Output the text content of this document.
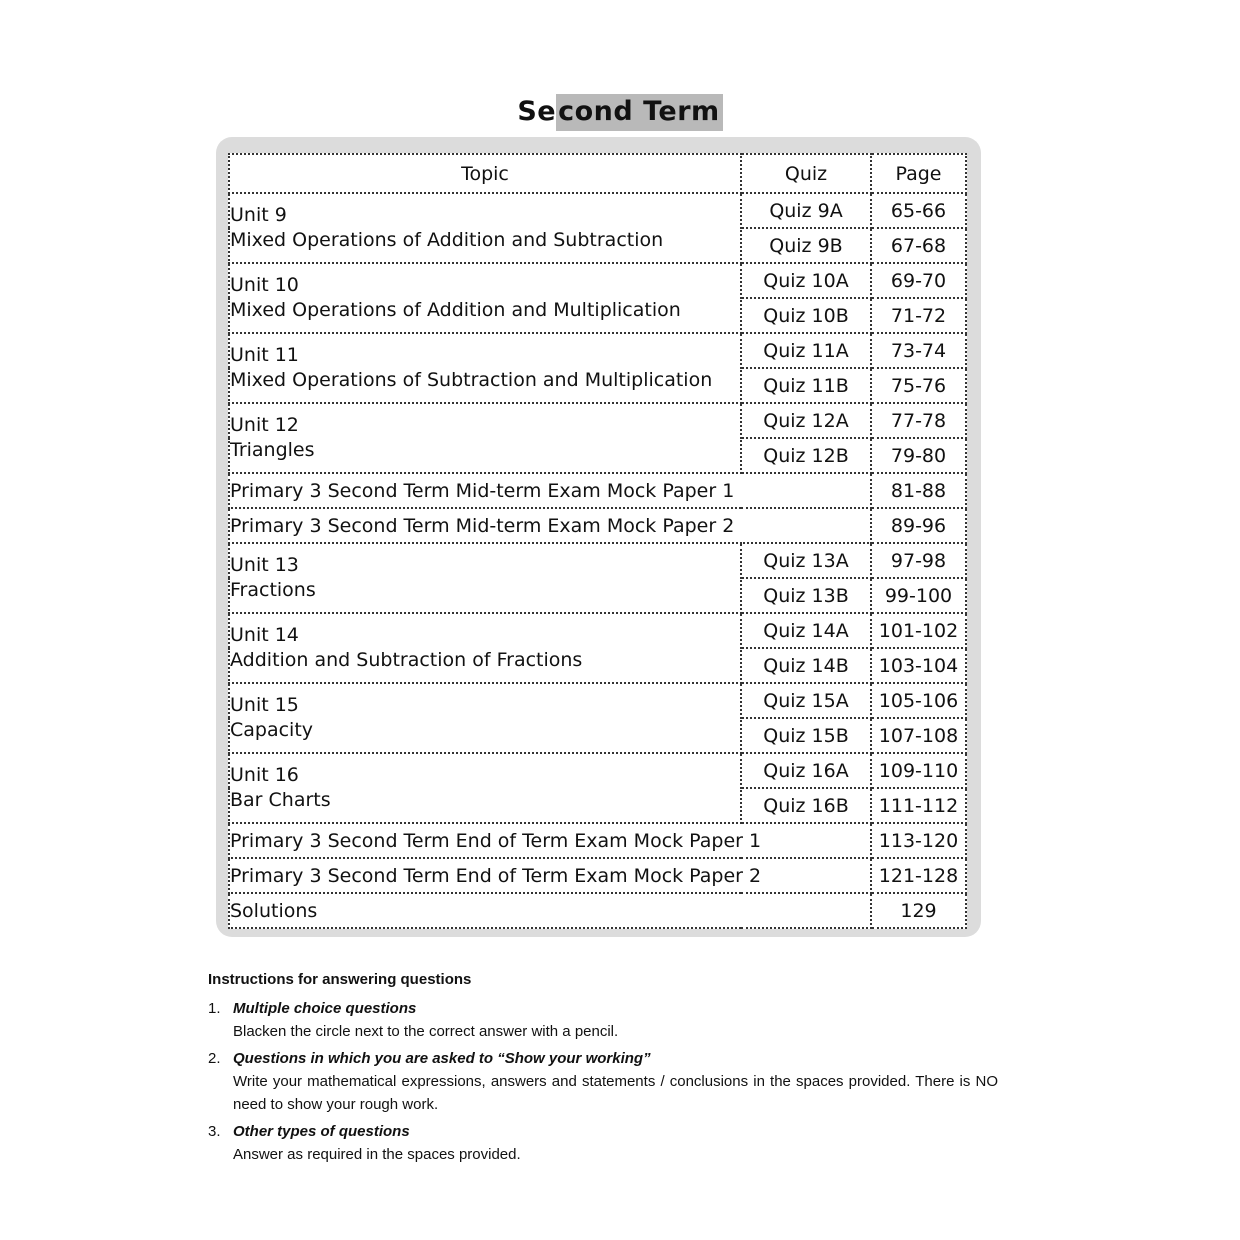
Second Term
Topic	Quiz	Page

Unit 9
Mixed Operations of Addition and Subtraction	Quiz 9A	65-66
	Quiz 9B	67-68

Unit 10
Mixed Operations of Addition and Multiplication	Quiz 10A	69-70
	Quiz 10B	71-72

Unit 11
Mixed Operations of Subtraction and Multiplication	Quiz 11A	73-74
	Quiz 11B	75-76

Unit 12
Triangles	Quiz 12A	77-78
	Quiz 12B	79-80
Primary 3 Second Term Mid-term Exam Mock Paper 1		81-88
Primary 3 Second Term Mid-term Exam Mock Paper 2		89-96

Unit 13
Fractions	Quiz 13A	97-98
	Quiz 13B	99-100

Unit 14
Addition and Subtraction of Fractions	Quiz 14A	101-102
	Quiz 14B	103-104

Unit 15
Capacity	Quiz 15A	105-106
	Quiz 15B	107-108

Unit 16
Bar Charts	Quiz 16A	109-110
	Quiz 16B	111-112
Primary 3 Second Term End of Term Exam Mock Paper 1		113-120
Primary 3 Second Term End of Term Exam Mock Paper 2		121-128
Solutions		129
Instructions for answering questions
1. Multiple choice questions
Blacken the circle next to the correct answer with a pencil.
2. Questions in which you are asked to “Show your working”
Write your mathematical expressions, answers and statements / conclusions in the spaces provided. There is NO need to show your rough work.
3. Other types of questions
Answer as required in the spaces provided.
